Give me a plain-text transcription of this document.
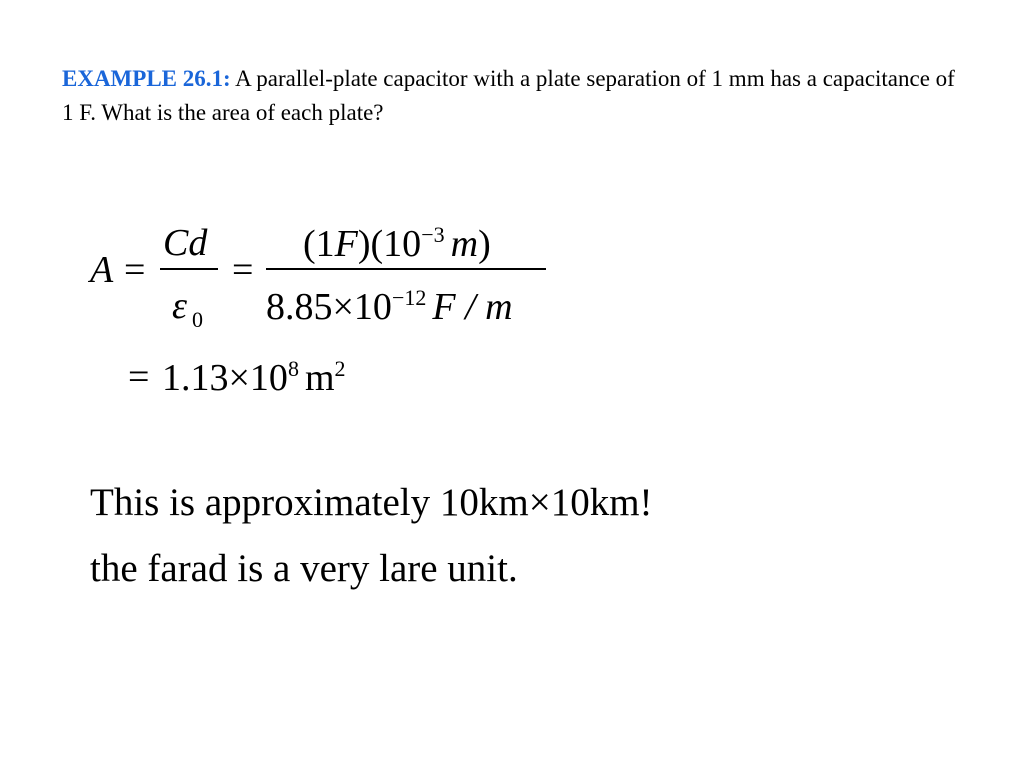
EXAMPLE 26.1: A parallel-plate capacitor with a plate separation of 1 mm has a capacitance of 1 F. What is the area of each plate?
A =
Cd
ε 0
=
$(1F)(10^{-3}$ m)
$8.85\times 10^{-12}$ F / m
= $1.13\times 10^8$ $m^2$
This is approximately 10km×10km!
the farad is a very lare unit.
